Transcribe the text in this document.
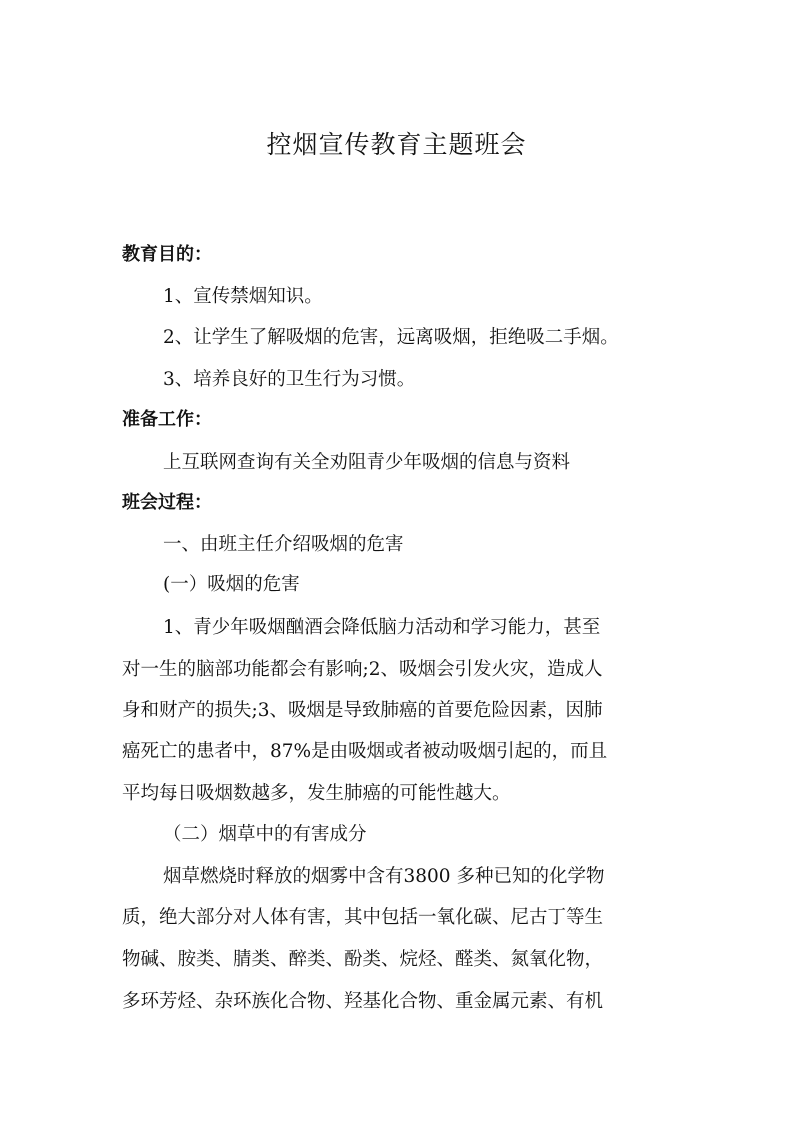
控烟宣传教育主题班会
教育目的：
1、宣传禁烟知识。
2、让学生了解吸烟的危害，远离吸烟，拒绝吸二手烟。
3、培养良好的卫生行为习惯。
准备工作：
上互联网查询有关全劝阻青少年吸烟的信息与资料
班会过程：
一、由班主任介绍吸烟的危害
(一）吸烟的危害
1、青少年吸烟酗酒会降低脑力活动和学习能力，甚至
对一生的脑部功能都会有影响;2、吸烟会引发火灾，造成人
身和财产的损失;3、吸烟是导致肺癌的首要危险因素，因肺
癌死亡的患者中，87%是由吸烟或者被动吸烟引起的，而且
平均每日吸烟数越多，发生肺癌的可能性越大。
（二）烟草中的有害成分
烟草燃烧时释放的烟雾中含有3800 多种已知的化学物
质，绝大部分对人体有害，其中包括一氧化碳、尼古丁等生
物碱、胺类、腈类、醉类、酚类、烷烃、醛类、氮氧化物，
多环芳烃、杂环族化合物、羟基化合物、重金属元素、有机
